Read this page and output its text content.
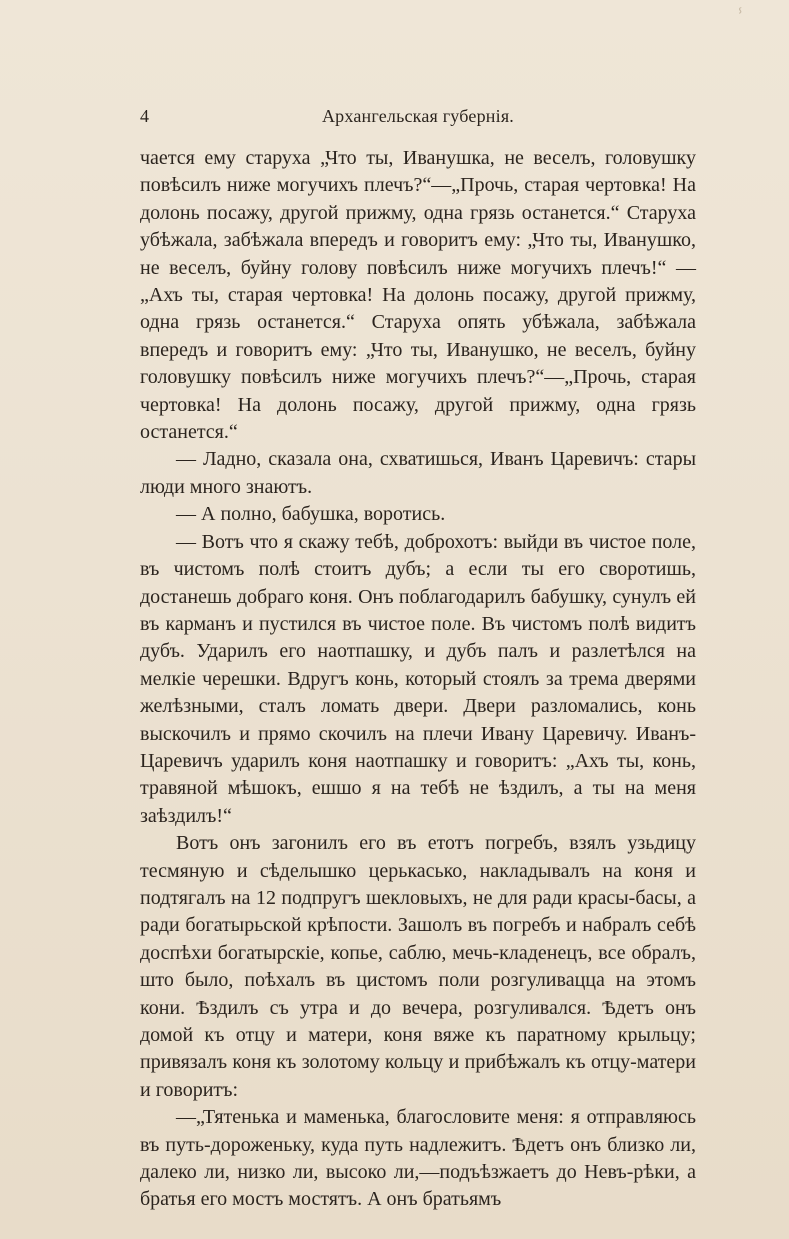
ⸯ
4	Архангельская губернія.

чается ему старуха „Что ты, Иванушка, не веселъ, головушку повѣсилъ ниже могучихъ плечъ?“—„Прочь, старая чертовка! На долонь посажу, другой прижму, одна грязь останется.“ Старуха убѣжала, забѣжала впередъ и говоритъ ему: „Что ты, Иванушко, не веселъ, буйну голову повѣсилъ ниже могучихъ плечъ!“ —„Ахъ ты, старая чертовка! На долонь посажу, другой прижму, одна грязь останется.“ Старуха опять убѣжала, забѣжала впередъ и говоритъ ему: „Что ты, Иванушко, не веселъ, буйну головушку повѣсилъ ниже могучихъ плечъ?“—„Прочь, старая чертовка! На долонь посажу, другой прижму, одна грязь останется.“

— Ладно, сказала она, схватишься, Иванъ Царевичъ: стары люди много знаютъ.

— А полно, бабушка, воротись.

— Вотъ что я скажу тебѣ, доброхотъ: выйди въ чистое поле, въ чистомъ полѣ стоитъ дубъ; а если ты его своротишь, достанешь добраго коня. Онъ поблагодарилъ бабушку, сунулъ ей въ карманъ и пустился въ чистое поле. Въ чистомъ полѣ видитъ дубъ. Ударилъ его наотпашку, и дубъ палъ и разлетѣлся на мелкіе черешки. Вдругъ конь, который стоялъ за трема дверями желѣзными, сталъ ломать двери. Двери разломались, конь выскочилъ и прямо скочилъ на плечи Ивану Царевичу. Иванъ-Царевичъ ударилъ коня наотпашку и говоритъ: „Ахъ ты, конь, травяной мѣшокъ, ешшо я на тебѣ не ѣздилъ, а ты на меня заѣздилъ!“

Вотъ онъ загонилъ его въ етотъ погребъ, взялъ узьдицу тесмяную и сѣделышко церькасько, накладывалъ на коня и подтягалъ на 12 подпругъ шекловыхъ, не для ради красы-басы, а ради богатырьской крѣпости. Зашолъ въ погребъ и набралъ себѣ доспѣхи богатырскіе, копье, саблю, мечь-кладенецъ, все обралъ, што было, поѣхалъ въ цистомъ поли розгуливацца на этомъ кони. Ѣздилъ съ утра и до вечера, розгуливался. Ѣдетъ онъ домой къ отцу и матери, коня вяже къ паратному крыльцу; привязалъ коня къ золотому кольцу и прибѣжалъ къ отцу-матери и говоритъ:

—„Тятенька и маменька, благословите меня: я отправляюсь въ путь-дороженьку, куда путь надлежитъ. Ѣдетъ онъ близко ли, далеко ли, низко ли, высоко ли,—подъѣзжаетъ до Невъ-рѣки, а братья его мостъ мостятъ. А онъ братьямъ
